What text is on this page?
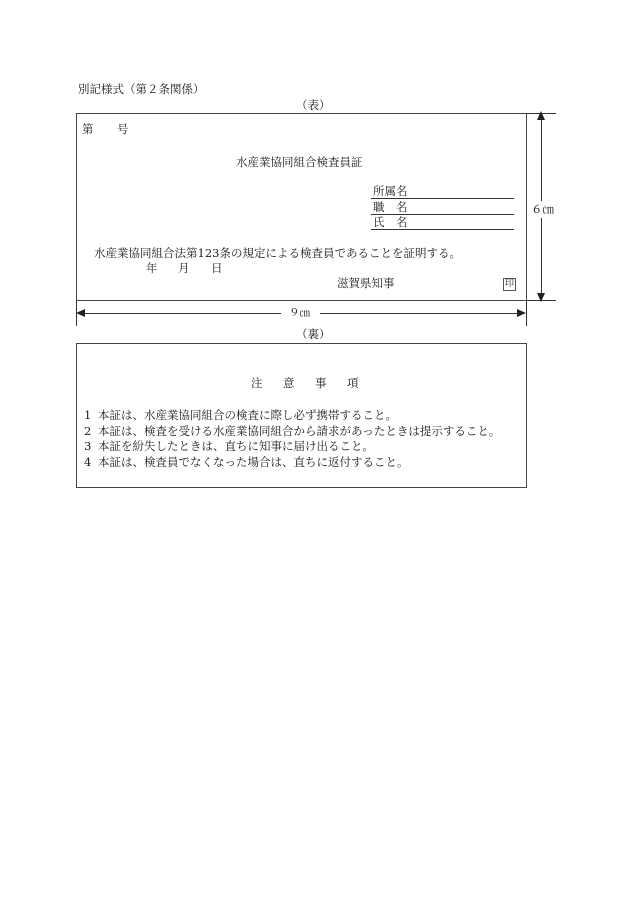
別記様式（第２条関係）
（表）
第 号
水産業協同組合検査員証
所属名
職　名
氏　名
水産業協同組合法第123条の規定による検査員であることを証明する。
年 月 日
滋賀県知事	印
６㎝
９㎝
（裏）
注 意 事 項
1 本証は、水産業協同組合の検査に際し必ず携帯すること。
2 本証は、検査を受ける水産業協同組合から請求があったときは提示すること。
3 本証を紛失したときは、直ちに知事に届け出ること。
4 本証は、検査員でなくなった場合は、直ちに返付すること。
